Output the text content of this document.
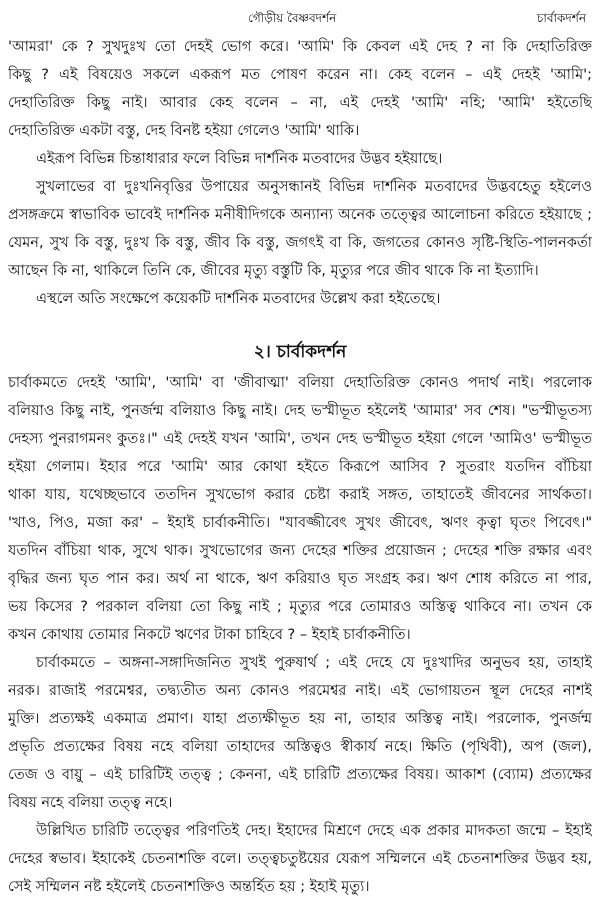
গৌড়ীয় বৈষ্ণবদর্শন	চার্বাকদর্শন
'আমরা' কে ? সুখদুঃখ তো দেহই ভোগ করে। 'আমি' কি কেবল এই দেহ ? না কি দেহাতিরিক্ত
কিছু ? এই বিষয়েও সকলে একরূপ মত পোষণ করেন না। কেহ বলেন – এই দেহই 'আমি';
দেহাতিরিক্ত কিছু নাই। আবার কেহ বলেন – না, এই দেহই 'আমি' নহি; 'আমি' হইতেছি
দেহাতিরিক্ত একটা বস্তু, দেহ বিনষ্ট হইয়া গেলেও 'আমি' থাকি।
এইরূপ বিভিন্ন চিন্তাধারার ফলে বিভিন্ন দার্শনিক মতবাদের উদ্ভব হইয়াছে।
সুখলাভের বা দুঃখনিবৃত্তির উপায়ের অনুসন্ধানই বিভিন্ন দার্শনিক মতবাদের উদ্ভবহেতু হইলেও
প্রসঙ্গক্রমে স্বাভাবিক ভাবেই দার্শনিক মনীষীদিগকে অন্যান্য অনেক তত্ত্বের আলোচনা করিতে হইয়াছে ;
যেমন, সুখ কি বস্তু, দুঃখ কি বস্তু, জীব কি বস্তু, জগৎই বা কি, জগতের কোনও সৃষ্টি-স্থিতি-পালনকর্তা
আছেন কি না, থাকিলে তিনি কে, জীবের মৃত্যু বস্তুটি কি, মৃত্যুর পরে জীব থাকে কি না ইত্যাদি।
এস্থলে অতি সংক্ষেপে কয়েকটি দার্শনিক মতবাদের উল্লেখ করা হইতেছে।
২। চার্বাকদর্শন
চার্বাকমতে দেহই 'আমি', 'আমি' বা 'জীবাত্মা' বলিয়া দেহাতিরিক্ত কোনও পদার্থ নাই। পরলোক
বলিয়াও কিছু নাই, পুনর্জন্ম বলিয়াও কিছু নাই। দেহ ভস্মীভূত হইলেই 'আমার' সব শেষ। "ভস্মীভূতস্য
দেহস্য পুনরাগমনং কুতঃ।" এই দেহই যখন 'আমি', তখন দেহ ভস্মীভূত হইয়া গেলে 'আমিও' ভস্মীভূত
হইয়া গেলাম। ইহার পরে 'আমি' আর কোথা হইতে কিরূপে আসিব ? সুতরাং যতদিন বাঁচিয়া
থাকা যায়, যথেচ্ছভাবে ততদিন সুখভোগ করার চেষ্টা করাই সঙ্গত, তাহাতেই জীবনের সার্থকতা।
'খাও, পিও, মজা কর' – ইহাই চার্বাকনীতি। "যাবজ্জীবেৎ সুখং জীবেৎ, ঋণং কৃত্বা ঘৃতং পিবেৎ।"
যতদিন বাঁচিয়া থাক, সুখে থাক। সুখভোগের জন্য দেহের শক্তির প্রয়োজন ; দেহের শক্তি রক্ষার এবং
বৃদ্ধির জন্য ঘৃত পান কর। অর্থ না থাকে, ঋণ করিয়াও ঘৃত সংগ্রহ কর। ঋণ শোধ করিতে না পার,
ভয় কিসের ? পরকাল বলিয়া তো কিছু নাই ; মৃত্যুর পরে তোমারও অস্তিত্ব থাকিবে না। তখন কে
কখন কোথায় তোমার নিকটে ঋণের টাকা চাহিবে ? – ইহাই চার্বাকনীতি।
চার্বাকমতে – অঙ্গনা-সঙ্গাদিজনিত সুখই পুরুষার্থ ; এই দেহে যে দুঃখাদির অনুভব হয়, তাহাই
নরক। রাজাই পরমেশ্বর, তদ্ব্যতীত অন্য কোনও পরমেশ্বর নাই। এই ভোগায়তন স্থূল দেহের নাশই
মুক্তি। প্রত্যক্ষই একমাত্র প্রমাণ। যাহা প্রত্যক্ষীভূত হয় না, তাহার অস্তিত্ব নাই। পরলোক, পুনর্জন্ম
প্রভৃতি প্রত্যক্ষের বিষয় নহে বলিয়া তাহাদের অস্তিত্বও স্বীকার্য নহে। ক্ষিতি (পৃথিবী), অপ (জল),
তেজ ও বায়ু – এই চারিটিই তত্ত্ব ; কেননা, এই চারিটি প্রত্যক্ষের বিষয়। আকাশ (ব্যোম) প্রত্যক্ষের
বিষয় নহে বলিয়া তত্ত্ব নহে।
উল্লিখিত চারিটি তত্ত্বের পরিণতিই দেহ। ইহাদের মিশ্রণে দেহে এক প্রকার মাদকতা জন্মে – ইহাই
দেহের স্বভাব। ইহাকেই চেতনাশক্তি বলে। তত্ত্বচতুষ্টয়ের যেরূপ সম্মিলনে এই চেতনাশক্তির উদ্ভব হয়,
সেই সম্মিলন নষ্ট হইলেই চেতনাশক্তিও অন্তর্হিত হয় ; ইহাই মৃত্যু।
